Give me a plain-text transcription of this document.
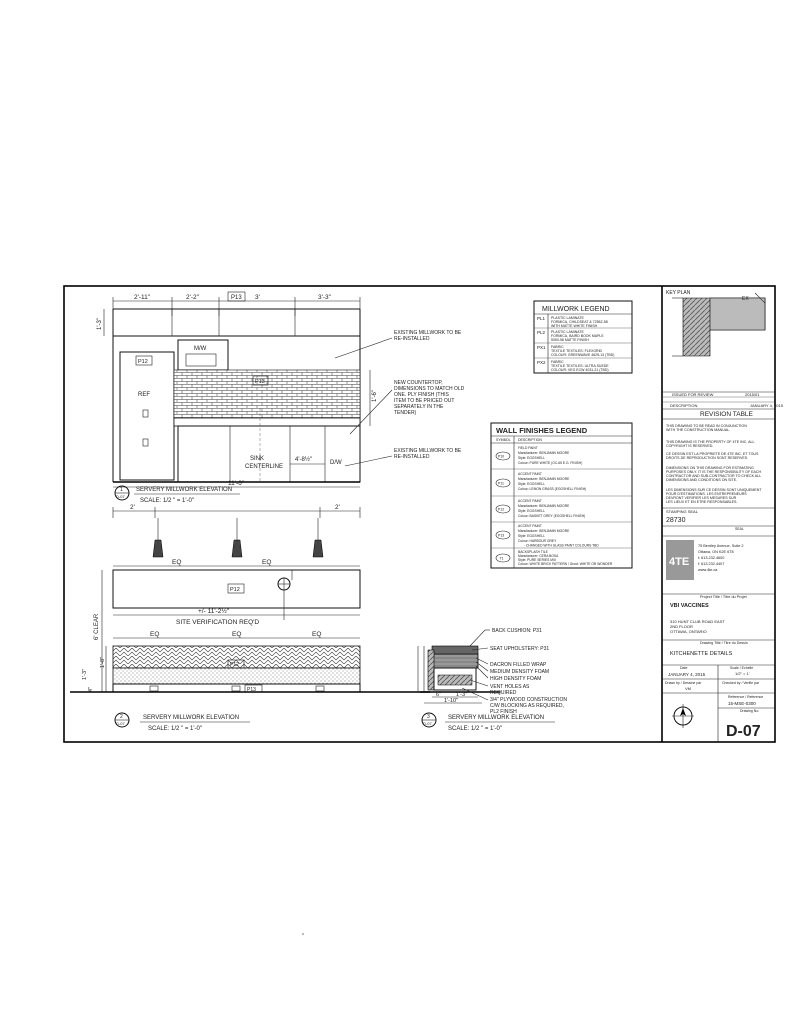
2'-11"	2'-2"	P13 3'	3'-3"
1'-3"
M/W
P12
REF
P13
SINK
CENTERLINE
4'-8½"	D/W
1'-6"
EXISTING MILLWORK TO BE
RE-INSTALLED
NEW COUNTERTOP,
DIMENSIONS TO MATCH OLD
ONE. PLY FINISH (THIS
ITEM TO BE PRICED OUT
SEPARATELY IN THE
TENDER)
EXISTING MILLWORK TO BE
RE-INSTALLED
11'-6"
1
D-07
SERVERY MILLWORK ELEVATION
SCALE: 1/2 " = 1'-0"
2'	2'
EQ	EQ
P12
+/- 11'-2½"
SITE VERIFICATION REQ'D
6' CLEAR	EQ	EQ	EQ
P12
P13
1'-8"
4"
1'-3"
2
D-07
SERVERY MILLWORK ELEVATION
SCALE: 1/2 " = 1'-0"
6"	1'-3"
1'-10"
BACK CUSHION: P31
SEAT UPHOLSTERY: P31
DACRON FILLED WRAP
MEDIUM DENSITY FOAM
HIGH DENSITY FOAM
VENT HOLES AS
REQUIRED
3/4" PLYWOOD CONSTRUCTION
C/W BLOCKING AS REQUIRED,
PL2 FINISH
3
D-07
SERVERY MILLWORK ELEVATION
SCALE: 1/2 " = 1'-0"
MILLWORK LEGEND
PL1 PLASTIC LAMINATE
FORMICA, CHILDSEAT & 7255Z-58
WITH MATTE WHITE FINISH
PL2 PLASTIC LAMINATE
FORMICA, BAIRD BOOK MAPLE
5050-58 MATTE FINISH
PX1 FABRIC
TEXTILE TEXTILES: FLEXGRID
COLOUR: GREENWAVE 4625-13 (TBD)
PX2 FABRIC
TEXTILE TEXTILES: ULTRA SUEDE
COLOUR: VEG ECW 4031-21 (TBD)
WALL FINISHES LEGEND
SYMBOL DESCRIPTION
P10
FIELD PAINT
Manufacturer: BENJAMIN MOORE
Style: EGGSHELL
Colour: PURE WHITE (OC-65 E.G. FINISH)
P11
ACCENT PAINT
Manufacturer: BENJAMIN MOORE
Style: EGGSHELL
Colour: LEMON GRASS (EGGSHELL FINISH)
P12
ACCENT PAINT
Manufacturer: BENJAMIN MOORE
Style: EGGSHELL
Colour: BASKET GREY (EGGSHELL FINISH)
P13
ACCENT PAINT
Manufacturer: BENJAMIN MOORE
Style: EGGSHELL
Colour: HARBOUR GREY
- CHANGED WITH GLASS PAINT COLOURS TBD
T1
BACKSPLASH TILE
Manufacturer: CERA BOSA
Style: PURE SERIES MIX
Colour: WHITE BRICK PATTERN / Grout: WHITE OR WONDER
KEY PLAN
EX
ISSUED FOR REVIEW	2015/01
DESCRIPTION	JANUARY 4, 2015
REVISION TABLE
THIS DRAWING TO BE READ IN CONJUNCTION
WITH THE CONSTRUCTION MANUAL.
THIS DRAWING IS THE PROPERTY OF 4TE INC. ALL
COPYRIGHT IS RESERVED.
CE DESSIN EST LA PROPRIETE DE 4TE INC. ET TOUS
DROITS DE REPRODUCTION SONT RESERVES.
DIMENSIONS ON THIS DRAWING FOR ESTIMATING
PURPOSES ONLY. IT IS THE RESPONSIBILITY OF EACH
CONTRACTOR AND SUB-CONTRACTOR TO CHECK ALL
DIMENSIONS AND CONDITIONS ON SITE.
LES DIMENSIONS SUR CE DESSIN SONT UNIQUEMENT
POUR D'ESTIMATIONS. LES ENTREPRENEURS
DEVRONT VERIFIER LES MESURES SUR
LES LIEUX ET EN ETRE RESPONSABLES.
STAMPING SEAL
28730
SEAL
4TE
75 Bentley Avenue, Suite 2
Ottawa, ON K2E 6T8
t: 613.232.4600
f: 613.232.4407
www.4te.ca
Project Title / Titre du Projet
VBI VACCINES
310 HUNT CLUB ROAD EAST
2ND FLOOR
OTTAWA, ONTARIO
Drawing Title / Titre du Dessin
KITCHENETTE DETAILS
Date
JANUARY 4, 2015
Scale / Echelle
1/2" = 1'
Drawn by / Dessine par
VM
Checked by / Verifie par
Reference / Reference
15-MSE-0300
Drawing No.
D-07
